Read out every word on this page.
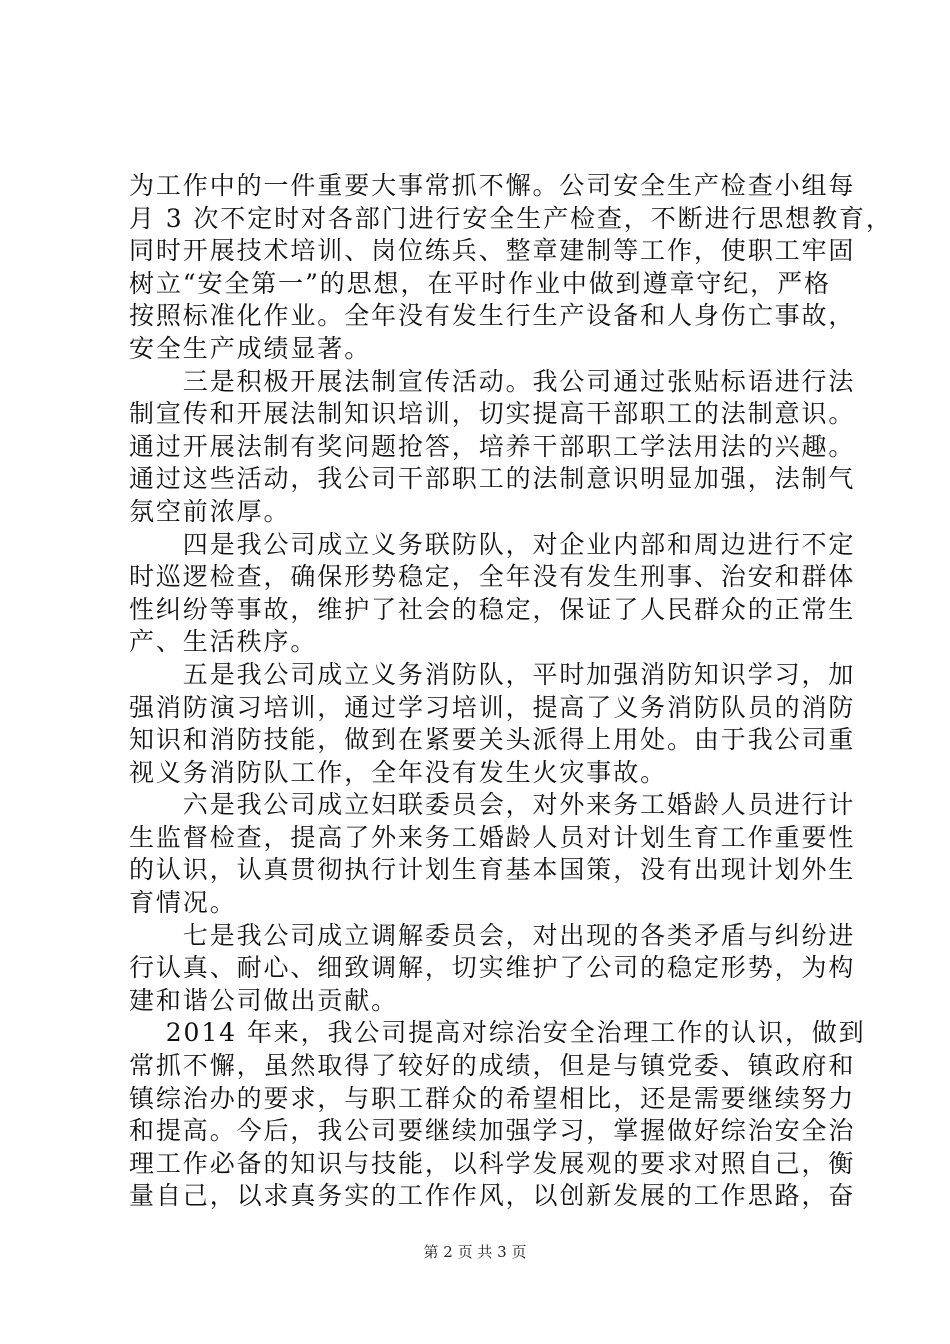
为工作中的一件重要大事常抓不懈。公司安全生产检查小组每
月 3 次不定时对各部门进行安全生产检查，不断进行思想教育，
同时开展技术培训、岗位练兵、整章建制等工作，使职工牢固
树立“安全第一”的思想，在平时作业中做到遵章守纪，严格
按照标准化作业。全年没有发生行生产设备和人身伤亡事故，
安全生产成绩显著。
　　三是积极开展法制宣传活动。我公司通过张贴标语进行法
制宣传和开展法制知识培训，切实提高干部职工的法制意识。
通过开展法制有奖问题抢答，培养干部职工学法用法的兴趣。
通过这些活动，我公司干部职工的法制意识明显加强，法制气
氛空前浓厚。
　　四是我公司成立义务联防队，对企业内部和周边进行不定
时巡逻检查，确保形势稳定，全年没有发生刑事、治安和群体
性纠纷等事故，维护了社会的稳定，保证了人民群众的正常生
产、生活秩序。
　　五是我公司成立义务消防队，平时加强消防知识学习，加
强消防演习培训，通过学习培训，提高了义务消防队员的消防
知识和消防技能，做到在紧要关头派得上用处。由于我公司重
视义务消防队工作，全年没有发生火灾事故。
　　六是我公司成立妇联委员会，对外来务工婚龄人员进行计
生监督检查，提高了外来务工婚龄人员对计划生育工作重要性
的认识，认真贯彻执行计划生育基本国策，没有出现计划外生
育情况。
　　七是我公司成立调解委员会，对出现的各类矛盾与纠纷进
行认真、耐心、细致调解，切实维护了公司的稳定形势，为构
建和谐公司做出贡献。
　 2014 年来，我公司提高对综治安全治理工作的认识，做到
常抓不懈，虽然取得了较好的成绩，但是与镇党委、镇政府和
镇综治办的要求，与职工群众的希望相比，还是需要继续努力
和提高。今后，我公司要继续加强学习，掌握做好综治安全治
理工作必备的知识与技能，以科学发展观的要求对照自己，衡
量自己，以求真务实的工作作风，以创新发展的工作思路，奋
第 2 页 共 3 页
